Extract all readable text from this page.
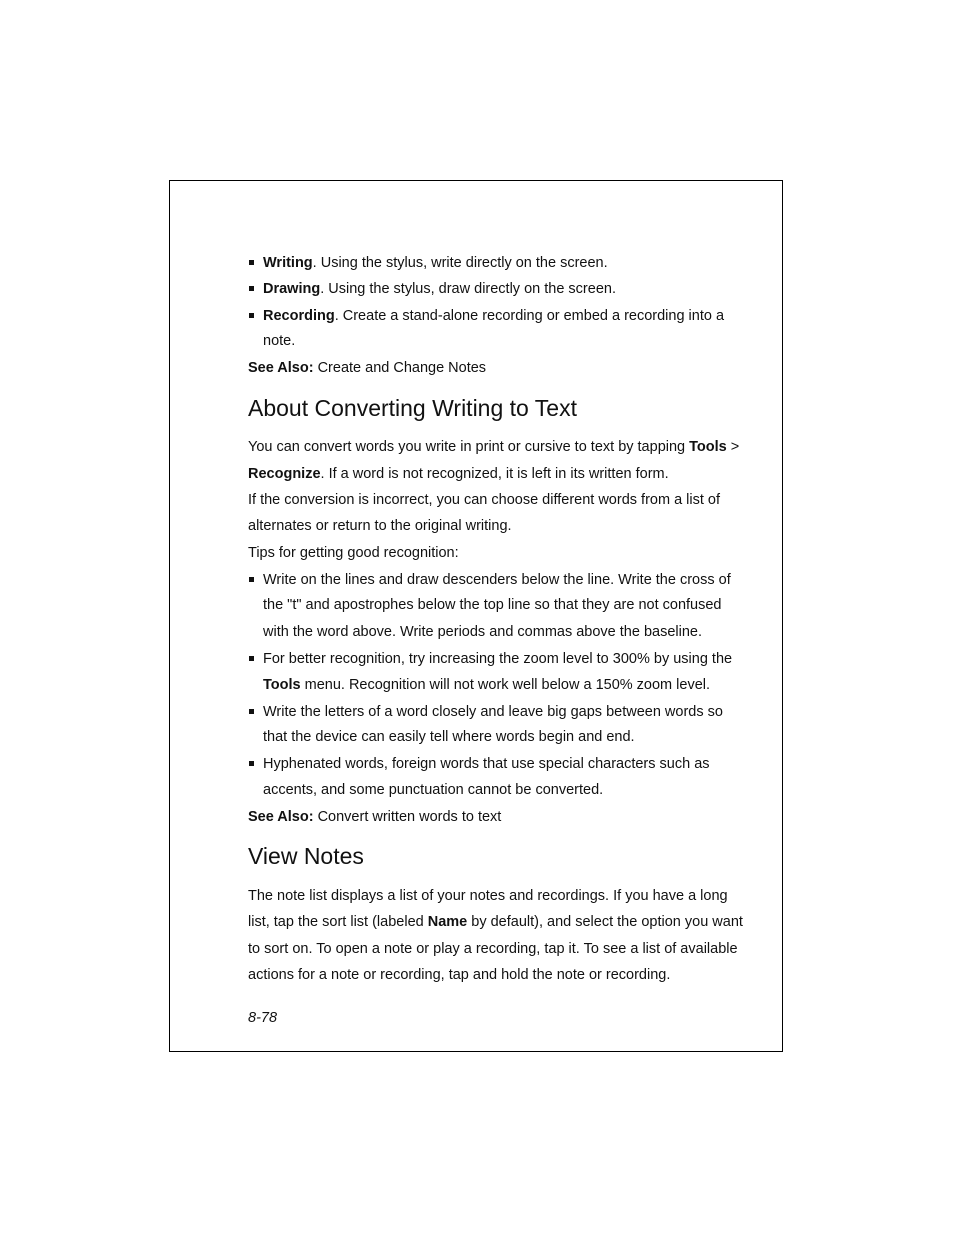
Writing. Using the stylus, write directly on the screen.
Drawing. Using the stylus, draw directly on the screen.
Recording. Create a stand-alone recording or embed a recording into a
note.
See Also: Create and Change Notes
About Converting Writing to Text
You can convert words you write in print or cursive to text by tapping Tools >
Recognize. If a word is not recognized, it is left in its written form.
If the conversion is incorrect, you can choose different words from a list of
alternates or return to the original writing.
Tips for getting good recognition:
Write on the lines and draw descenders below the line. Write the cross of
the "t" and apostrophes below the top line so that they are not confused
with the word above. Write periods and commas above the baseline.
For better recognition, try increasing the zoom level to 300% by using the
Tools menu. Recognition will not work well below a 150% zoom level.
Write the letters of a word closely and leave big gaps between words so
that the device can easily tell where words begin and end.
Hyphenated words, foreign words that use special characters such as
accents, and some punctuation cannot be converted.
See Also: Convert written words to text
View Notes
The note list displays a list of your notes and recordings. If you have a long
list, tap the sort list (labeled Name by default), and select the option you want
to sort on. To open a note or play a recording, tap it. To see a list of available
actions for a note or recording, tap and hold the note or recording.
8-78
